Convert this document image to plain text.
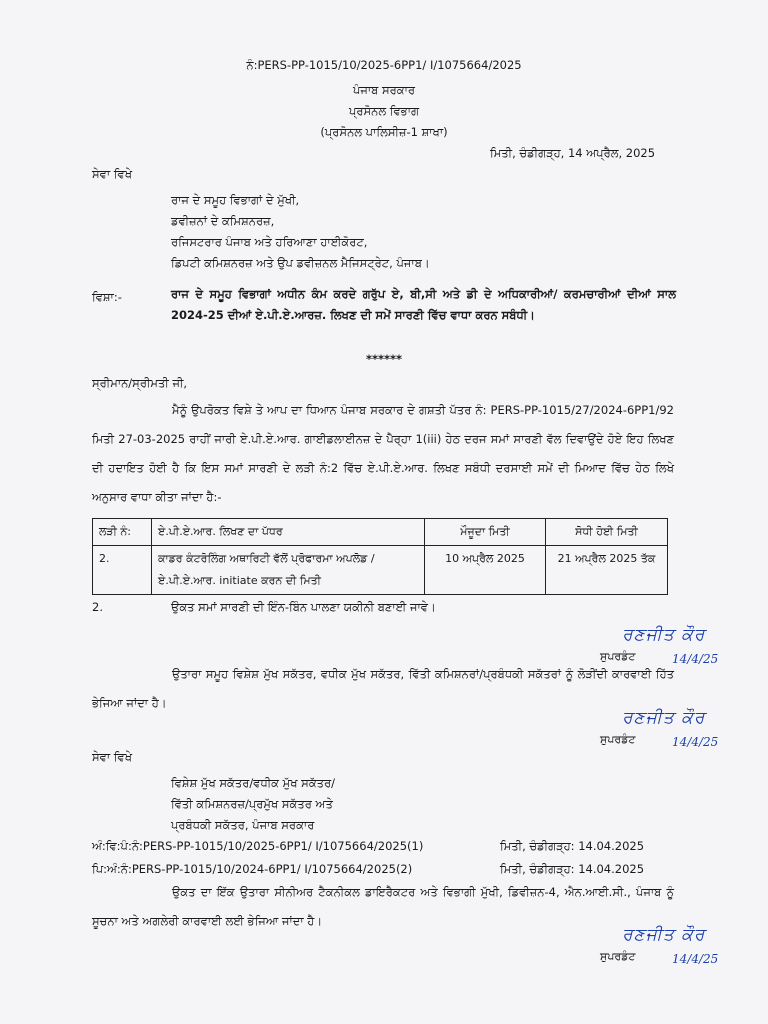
ਨੰ:PERS-PP-1015/10/2025-6PP1/ I/1075664/2025
ਪੰਜਾਬ ਸਰਕਾਰ
ਪ੍ਰਸੋਨਲ ਵਿਭਾਗ
(ਪ੍ਰਸੋਨਲ ਪਾਲਿਸੀਜ਼-1 ਸ਼ਾਖਾ)
ਮਿਤੀ, ਚੰਡੀਗੜ੍ਹ, 14 ਅਪ੍ਰੈਲ, 2025
ਸੇਵਾ ਵਿਖੇ
ਰਾਜ ਦੇ ਸਮੂਹ ਵਿਭਾਗਾਂ ਦੇ ਮੁੱਖੀ,
ਡਵੀਜ਼ਨਾਂ ਦੇ ਕਮਿਸ਼ਨਰਜ਼,
ਰਜਿਸਟਰਾਰ ਪੰਜਾਬ ਅਤੇ ਹਰਿਆਣਾ ਹਾਈਕੋਰਟ,
ਡਿਪਟੀ ਕਮਿਸ਼ਨਰਜ਼ ਅਤੇ ਉਪ ਡਵੀਜ਼ਨਲ ਮੈਜਿਸਟ੍ਰੇਟ, ਪੰਜਾਬ।
ਵਿਸ਼ਾ:-	ਰਾਜ ਦੇ ਸਮੂਹ ਵਿਭਾਗਾਂ ਅਧੀਨ ਕੰਮ ਕਰਦੇ ਗਰੁੱਪ ਏ, ਬੀ,ਸੀ ਅਤੇ ਡੀ ਦੇ ਅਧਿਕਾਰੀਆਂ/ ਕਰਮਚਾਰੀਆਂ ਦੀਆਂ ਸਾਲ 2024-25 ਦੀਆਂ ਏ.ਪੀ.ਏ.ਆਰਜ਼. ਲਿਖਣ ਦੀ ਸਮੇਂ ਸਾਰਣੀ ਵਿੱਚ ਵਾਧਾ ਕਰਨ ਸਬੰਧੀ।
******
ਸ੍ਰੀਮਾਨ/ਸ੍ਰੀਮਤੀ ਜੀ,
ਮੈਨੂੰ ਉਪਰੋਕਤ ਵਿਸ਼ੇ ਤੇ ਆਪ ਦਾ ਧਿਆਨ ਪੰਜਾਬ ਸਰਕਾਰ ਦੇ ਗਸ਼ਤੀ ਪੱਤਰ ਨੰ: PERS-PP-1015/27/2024-6PP1/92 ਮਿਤੀ 27-03-2025 ਰਾਹੀਂ ਜਾਰੀ ਏ.ਪੀ.ਏ.ਆਰ. ਗਾਈਡਲਾਈਨਜ਼ ਦੇ ਪੈਰ੍ਹਾ 1(iii) ਹੇਠ ਦਰਜ ਸਮਾਂ ਸਾਰਣੀ ਵੱਲ ਦਿਵਾਉਂਦੇ ਹੋਏ ਇਹ ਲਿਖਣ ਦੀ ਹਦਾਇਤ ਹੋਈ ਹੈ ਕਿ ਇਸ ਸਮਾਂ ਸਾਰਣੀ ਦੇ ਲੜੀ ਨੰ:2 ਵਿੱਚ ਏ.ਪੀ.ਏ.ਆਰ. ਲਿਖਣ ਸਬੰਧੀ ਦਰਸਾਈ ਸਮੇਂ ਦੀ ਮਿਆਦ ਵਿੱਚ ਹੇਠ ਲਿਖੇ ਅਨੁਸਾਰ ਵਾਧਾ ਕੀਤਾ ਜਾਂਦਾ ਹੈ:-
ਲੜੀ ਨੰ:	ਏ.ਪੀ.ਏ.ਆਰ. ਲਿਖਣ ਦਾ ਪੱਧਰ	ਮੌਜੂਦਾ ਮਿਤੀ	ਸੋਧੀ ਹੋਈ ਮਿਤੀ
2.	ਕਾਡਰ ਕੰਟਰੋਲਿੰਗ ਅਥਾਰਿਟੀ ਵੱਲੋਂ ਪ੍ਰੋਫਾਰਮਾ ਅਪਲੋਡ /
ਏ.ਪੀ.ਏ.ਆਰ. initiate ਕਰਨ ਦੀ ਮਿਤੀ	10 ਅਪ੍ਰੈਲ 2025	21 ਅਪ੍ਰੈਲ 2025 ਤੱਕ
2.	ਉਕਤ ਸਮਾਂ ਸਾਰਣੀ ਦੀ ਇੰਨ-ਬਿੰਨ ਪਾਲਣਾ ਯਕੀਨੀ ਬਣਾਈ ਜਾਵੇ।
ਰਣਜੀਤ ਕੌਰ
ਸੁਪਰਡੰਟ	14/4/25
ਉਤਾਰਾ ਸਮੂਹ ਵਿਸ਼ੇਸ਼ ਮੁੱਖ ਸਕੱਤਰ, ਵਧੀਕ ਮੁੱਖ ਸਕੱਤਰ, ਵਿੱਤੀ ਕਮਿਸ਼ਨਰਾਂ/ਪ੍ਰਬੰਧਕੀ ਸਕੱਤਰਾਂ ਨੂੰ ਲੋੜੀਂਦੀ ਕਾਰਵਾਈ ਹਿੱਤ ਭੇਜਿਆ ਜਾਂਦਾ ਹੈ।
ਰਣਜੀਤ ਕੌਰ
ਸੁਪਰਡੰਟ	14/4/25
ਸੇਵਾ ਵਿਖੇ
ਵਿਸ਼ੇਸ਼ ਮੁੱਖ ਸਕੱਤਰ/ਵਧੀਕ ਮੁੱਖ ਸਕੱਤਰ/
ਵਿੱਤੀ ਕਮਿਸ਼ਨਰਜ਼/ਪ੍ਰਮੁੱਖ ਸਕੱਤਰ ਅਤੇ
ਪ੍ਰਬੰਧਕੀ ਸਕੱਤਰ, ਪੰਜਾਬ ਸਰਕਾਰ
ਅੰ:ਵਿ:ਪੰ:ਨੰ:PERS-PP-1015/10/2025-6PP1/ I/1075664/2025(1)	ਮਿਤੀ, ਚੰਡੀਗੜ੍ਹ: 14.04.2025
ਪਿ:ਅੰ:ਨੰ:PERS-PP-1015/10/2024-6PP1/ I/1075664/2025(2)	ਮਿਤੀ, ਚੰਡੀਗੜ੍ਹ: 14.04.2025
ਉਕਤ ਦਾ ਇੱਕ ਉਤਾਰਾ ਸੀਨੀਅਰ ਟੈਕਨੀਕਲ ਡਾਇਰੈਕਟਰ ਅਤੇ ਵਿਭਾਗੀ ਮੁੱਖੀ, ਡਿਵੀਜ਼ਨ-4, ਐਨ.ਆਈ.ਸੀ., ਪੰਜਾਬ ਨੂੰ ਸੂਚਨਾ ਅਤੇ ਅਗਲੇਰੀ ਕਾਰਵਾਈ ਲਈ ਭੇਜਿਆ ਜਾਂਦਾ ਹੈ।
ਰਣਜੀਤ ਕੌਰ
ਸੁਪਰਡੰਟ	14/4/25
